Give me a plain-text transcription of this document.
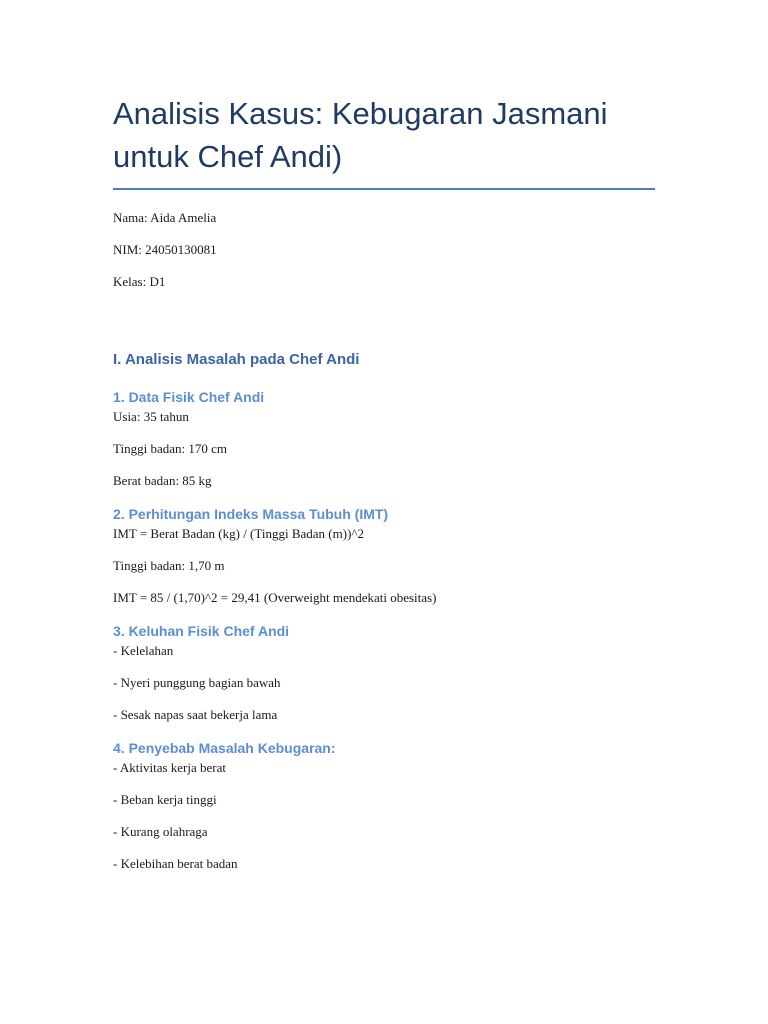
Analisis Kasus: Kebugaran Jasmani untuk Chef Andi)

Nama: Aida Amelia

NIM: 24050130081

Kelas: D1

I. Analisis Masalah pada Chef Andi
1. Data Fisik Chef Andi

Usia: 35 tahun

Tinggi badan: 170 cm

Berat badan: 85 kg

2. Perhitungan Indeks Massa Tubuh (IMT)

IMT = Berat Badan (kg) / (Tinggi Badan (m))^2

Tinggi badan: 1,70 m

IMT = 85 / (1,70)^2 = 29,41 (Overweight mendekati obesitas)

3. Keluhan Fisik Chef Andi

- Kelelahan

- Nyeri punggung bagian bawah

- Sesak napas saat bekerja lama

4. Penyebab Masalah Kebugaran:

- Aktivitas kerja berat

- Beban kerja tinggi

- Kurang olahraga

- Kelebihan berat badan
